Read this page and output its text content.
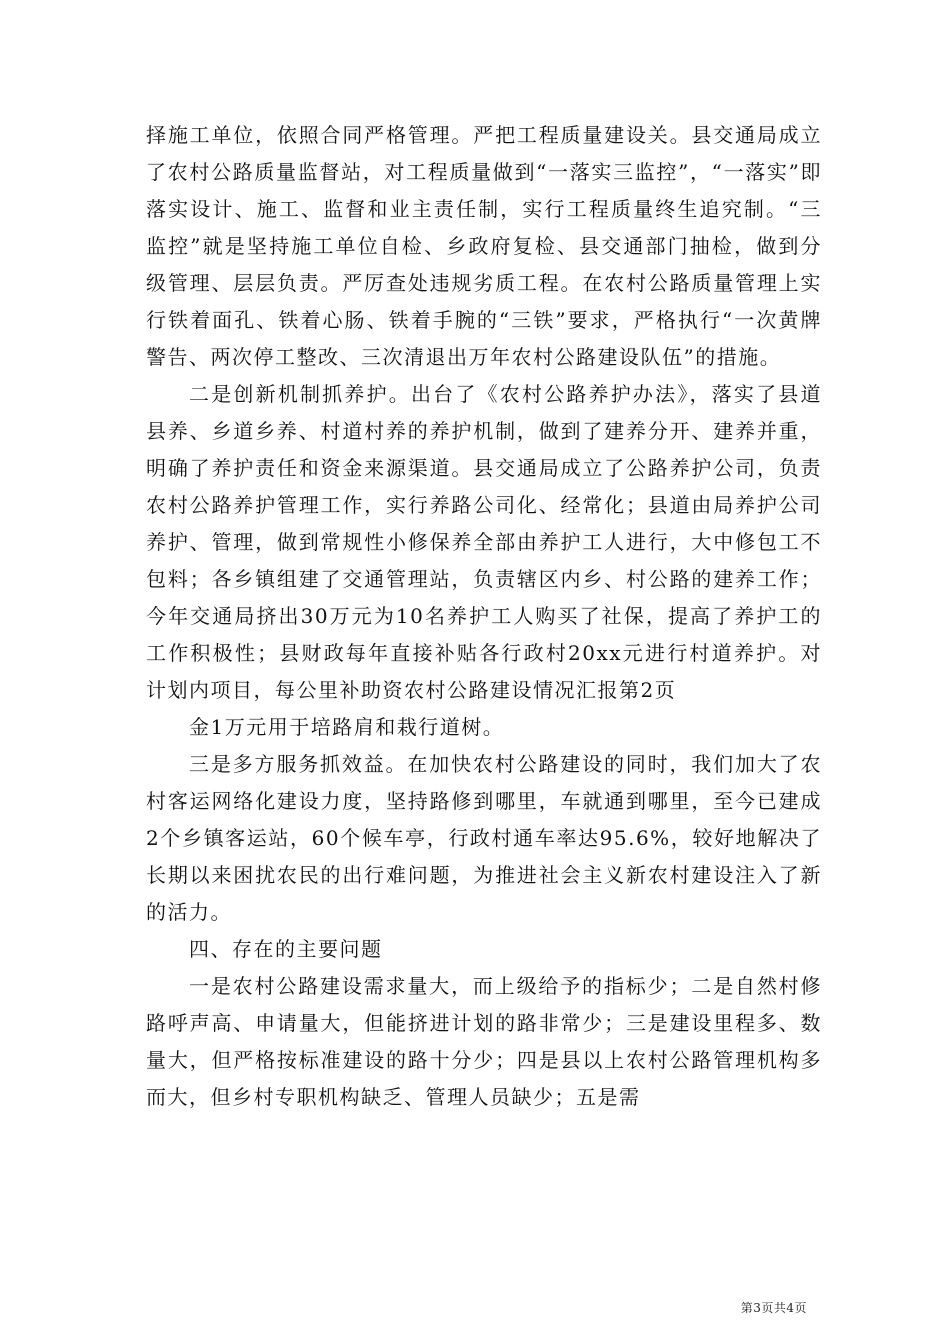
择施工单位，依照合同严格管理。严把工程质量建设关。县交通局成立了农村公路质量监督站，对工程质量做到“一落实三监控”，“一落实”即落实设计、施工、监督和业主责任制，实行工程质量终生追究制。“三监控”就是坚持施工单位自检、乡政府复检、县交通部门抽检，做到分级管理、层层负责。严厉查处违规劣质工程。在农村公路质量管理上实行铁着面孔、铁着心肠、铁着手腕的“三铁”要求，严格执行“一次黄牌警告、两次停工整改、三次清退出万年农村公路建设队伍”的措施。

二是创新机制抓养护。出台了《农村公路养护办法》，落实了县道县养、乡道乡养、村道村养的养护机制，做到了建养分开、建养并重，明确了养护责任和资金来源渠道。县交通局成立了公路养护公司，负责农村公路养护管理工作，实行养路公司化、经常化；县道由局养护公司养护、管理，做到常规性小修保养全部由养护工人进行，大中修包工不包料；各乡镇组建了交通管理站，负责辖区内乡、村公路的建养工作；今年交通局挤出30万元为10名养护工人购买了社保，提高了养护工的工作积极性；县财政每年直接补贴各行政村20xx元进行村道养护。对计划内项目，每公里补助资农村公路建设情况汇报第2页

金1万元用于培路肩和栽行道树。

三是多方服务抓效益。在加快农村公路建设的同时，我们加大了农村客运网络化建设力度，坚持路修到哪里，车就通到哪里，至今已建成2个乡镇客运站，60个候车亭，行政村通车率达95.6%，较好地解决了长期以来困扰农民的出行难问题，为推进社会主义新农村建设注入了新的活力。

四、存在的主要问题

一是农村公路建设需求量大，而上级给予的指标少；二是自然村修路呼声高、申请量大，但能挤进计划的路非常少；三是建设里程多、数量大，但严格按标准建设的路十分少；四是县以上农村公路管理机构多而大，但乡村专职机构缺乏、管理人员缺少；五是需

第3页共4页
